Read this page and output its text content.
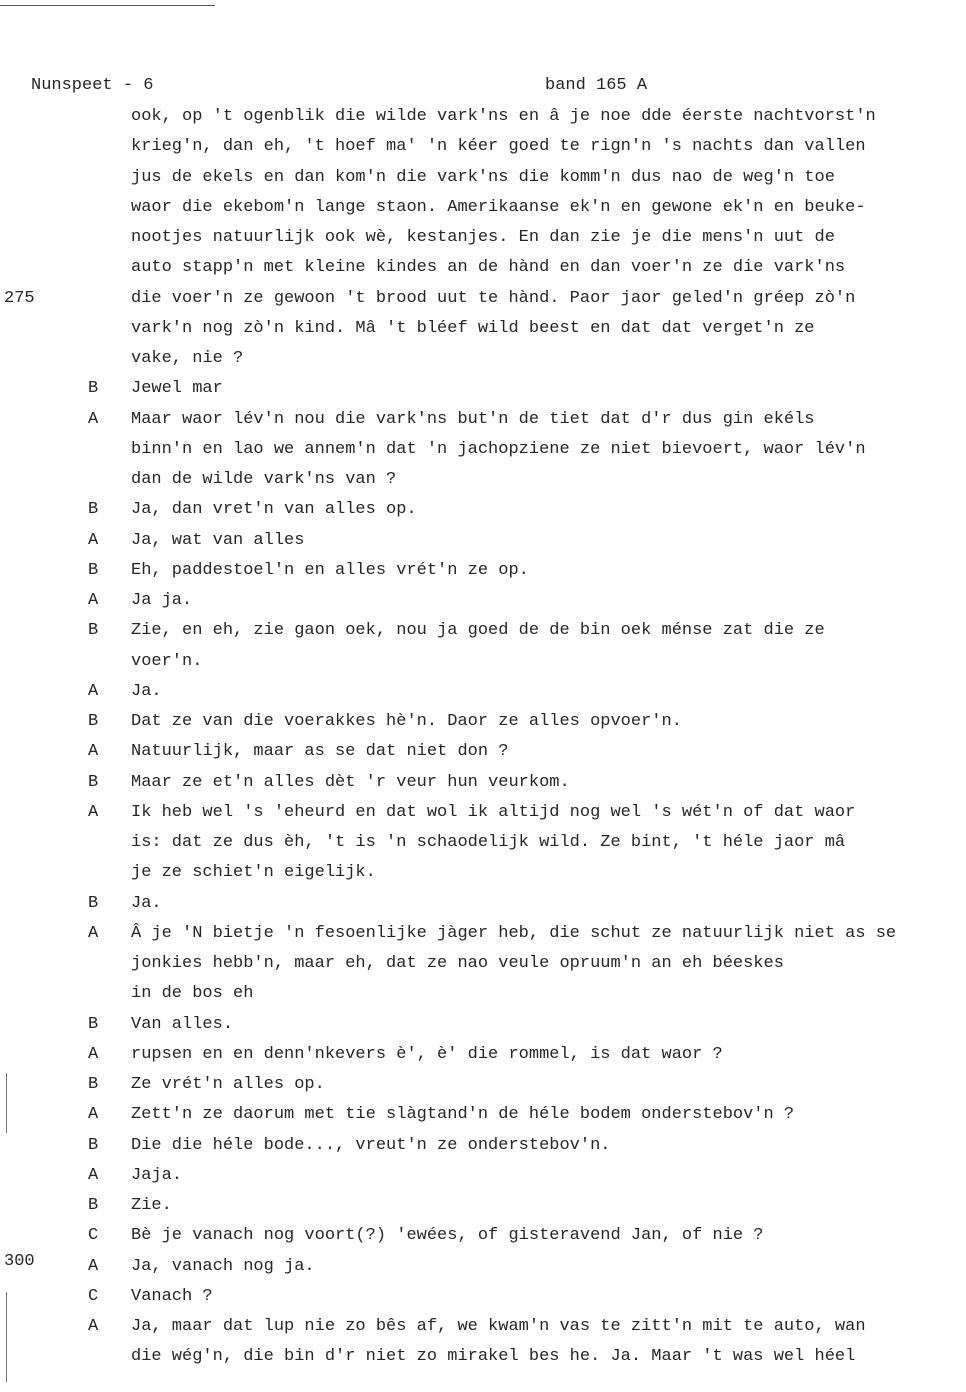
Nunspeet - 6	band 165 A
ook, op 't ogenblik die wilde vark'ns en â je noe dde éerste nachtvorst'n
krieg'n, dan eh, 't hoef ma' 'n kéer goed te rign'n 's nachts dan vallen
jus de ekels en dan kom'n die vark'ns die komm'n dus nao de weg'n toe
waor die ekebom'n lange staon. Amerikaanse ek'n en gewone ek'n en beuke-
nootjes natuurlijk ook wè, kestanjes. En dan zie je die mens'n uut de
auto stapp'n met kleine kindes an de hànd en dan voer'n ze die vark'ns
die voer'n ze gewoon 't brood uut te hànd. Paor jaor geled'n gréep zò'n
vark'n nog zò'n kind. Mâ 't bléef wild beest en dat dat verget'n ze
vake, nie ?
B Jewel mar
A Maar waor lév'n nou die vark'ns but'n de tiet dat d'r dus gin ekéls
binn'n en lao we annem'n dat 'n jachopziene ze niet bievoert, waor lév'n
dan de wilde vark'ns van ?
B Ja, dan vret'n van alles op.
A Ja, wat van alles
B Eh, paddestoel'n en alles vrét'n ze op.
A Ja ja.
B Zie, en eh, zie gaon oek, nou ja goed de de bin oek ménse zat die ze
voer'n.
A Ja.
B Dat ze van die voerakkes hè'n. Daor ze alles opvoer'n.
A Natuurlijk, maar as se dat niet don ?
B Maar ze et'n alles dèt 'r veur hun veurkom.
A Ik heb wel 's 'eheurd en dat wol ik altijd nog wel 's wét'n of dat waor
is: dat ze dus èh, 't is 'n schaodelijk wild. Ze bint, 't héle jaor mâ
je ze schiet'n eigelijk.
B Ja.
A Â je 'N bietje 'n fesoenlijke jàger heb, die schut ze natuurlijk niet as se
jonkies hebb'n, maar eh, dat ze nao veule opruum'n an eh béeskes
in de bos eh
B Van alles.
A rupsen en en denn'nkevers è', è' die rommel, is dat waor ?
B Ze vrét'n alles op.
A Zett'n ze daorum met tie slàgtand'n de héle bodem onderstebov'n ?
B Die die héle bode..., vreut'n ze onderstebov'n.
A Jaja.
B Zie.
C Bè je vanach nog voort(?) 'ewées, of gisteravend Jan, of nie ?
A Ja, vanach nog ja.
C Vanach ?
A Ja, maar dat lup nie zo bês af, we kwam'n vas te zitt'n mit te auto, wan
die wég'n, die bin d'r niet zo mirakel bes he. Ja. Maar 't was wel héel
275
300
